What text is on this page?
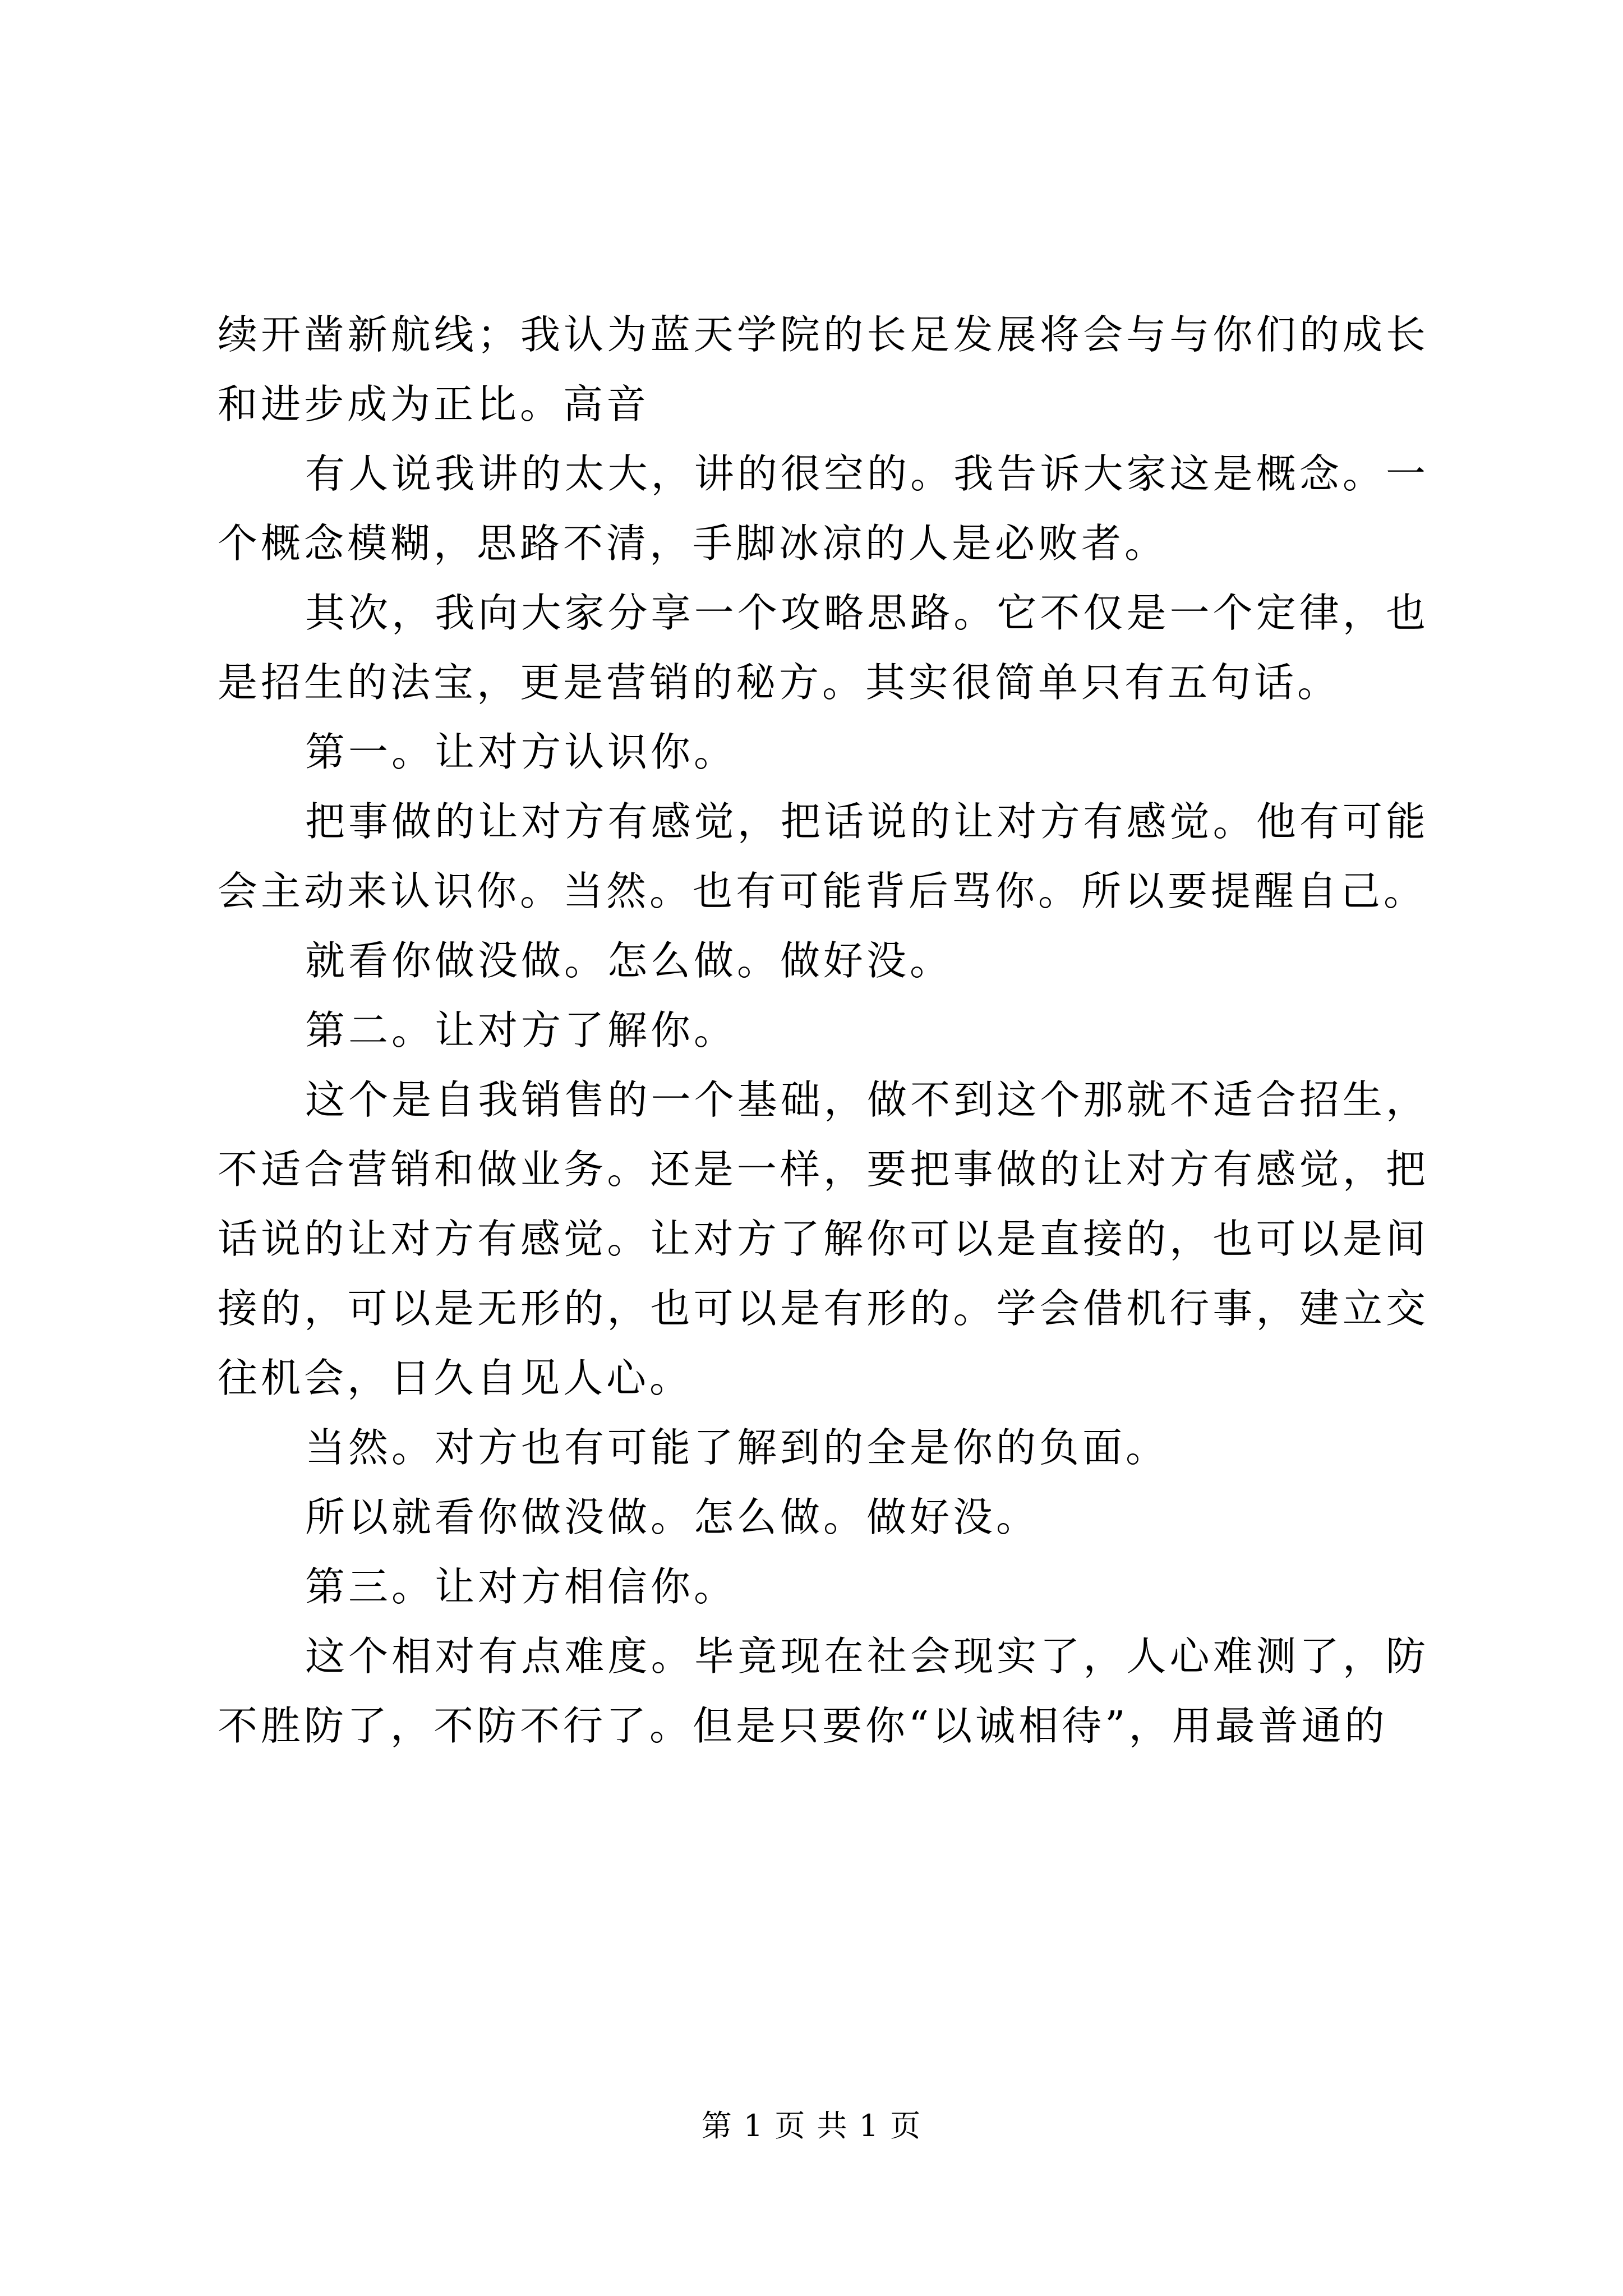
续开凿新航线；我认为蓝天学院的长足发展将会与与你们的成长和进步成为正比。高音

有人说我讲的太大，讲的很空的。我告诉大家这是概念。一个概念模糊，思路不清，手脚冰凉的人是必败者。

其次，我向大家分享一个攻略思路。它不仅是一个定律，也是招生的法宝，更是营销的秘方。其实很简单只有五句话。

第一。让对方认识你。

把事做的让对方有感觉，把话说的让对方有感觉。他有可能会主动来认识你。当然。也有可能背后骂你。所以要提醒自己。

就看你做没做。怎么做。做好没。

第二。让对方了解你。

这个是自我销售的一个基础，做不到这个那就不适合招生，不适合营销和做业务。还是一样，要把事做的让对方有感觉，把话说的让对方有感觉。让对方了解你可以是直接的，也可以是间接的，可以是无形的，也可以是有形的。学会借机行事，建立交往机会，日久自见人心。

当然。对方也有可能了解到的全是你的负面。

所以就看你做没做。怎么做。做好没。

第三。让对方相信你。

这个相对有点难度。毕竟现在社会现实了，人心难测了，防不胜防了，不防不行了。但是只要你“以诚相待”，用最普通的

第 1 页 共 1 页
